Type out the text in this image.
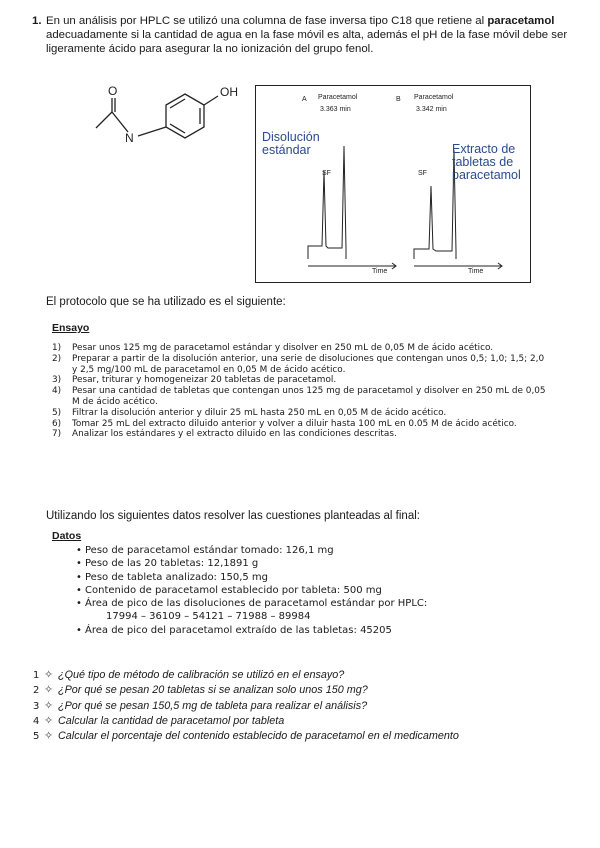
1. En un análisis por HPLC se utilizó una columna de fase inversa tipo C18 que retiene al paracetamol adecuadamente si la cantidad de agua en la fase móvil es alta, además el pH de la fase móvil debe ser ligeramente ácido para asegurar la no ionización del grupo fenol.
OH
O
N
A Paracetamol
3.363 min
SF
Time
B Paracetamol
3.342 min
SF
Time
Disolución
estándar	Extracto de
tabletas de
paracetamol
El protocolo que se ha utilizado es el siguiente:
Ensayo
1) Pesar unos 125 mg de paracetamol estándar y disolver en 250 mL de 0,05 M de ácido acético.
2) Preparar a partir de la disolución anterior, una serie de disoluciones que contengan unos 0,5; 1,0; 1,5; 2,0 y 2,5 mg/100 mL de paracetamol en 0,05 M de ácido acético.
3) Pesar, triturar y homogeneizar 20 tabletas de paracetamol.
4) Pesar una cantidad de tabletas que contengan unos 125 mg de paracetamol y disolver en 250 mL de 0,05 M de ácido acético.
5) Filtrar la disolución anterior y diluir 25 mL hasta 250 mL en 0,05 M de ácido acético.
6) Tomar 25 mL del extracto diluido anterior y volver a diluir hasta 100 mL en 0.05 M de ácido acético.
7) Analizar los estándares y el extracto diluido en las condiciones descritas.
Utilizando los siguientes datos resolver las cuestiones planteadas al final:
Datos
• Peso de paracetamol estándar tomado: 126,1 mg
• Peso de las 20 tabletas: 12,1891 g
• Peso de tableta analizado: 150,5 mg
• Contenido de paracetamol establecido por tableta: 500 mg
• Área de pico de las disoluciones de paracetamol estándar por HPLC:
17994 – 36109 – 54121 – 71988 – 89984
• Área de pico del paracetamol extraído de las tabletas: 45205
1 ✧ ¿Qué tipo de método de calibración se utilizó en el ensayo?
2 ✧ ¿Por qué se pesan 20 tabletas si se analizan solo unos 150 mg?
3 ✧ ¿Por qué se pesan 150,5 mg de tableta para realizar el análisis?
4 ✧ Calcular la cantidad de paracetamol por tableta
5 ✧ Calcular el porcentaje del contenido establecido de paracetamol en el medicamento
